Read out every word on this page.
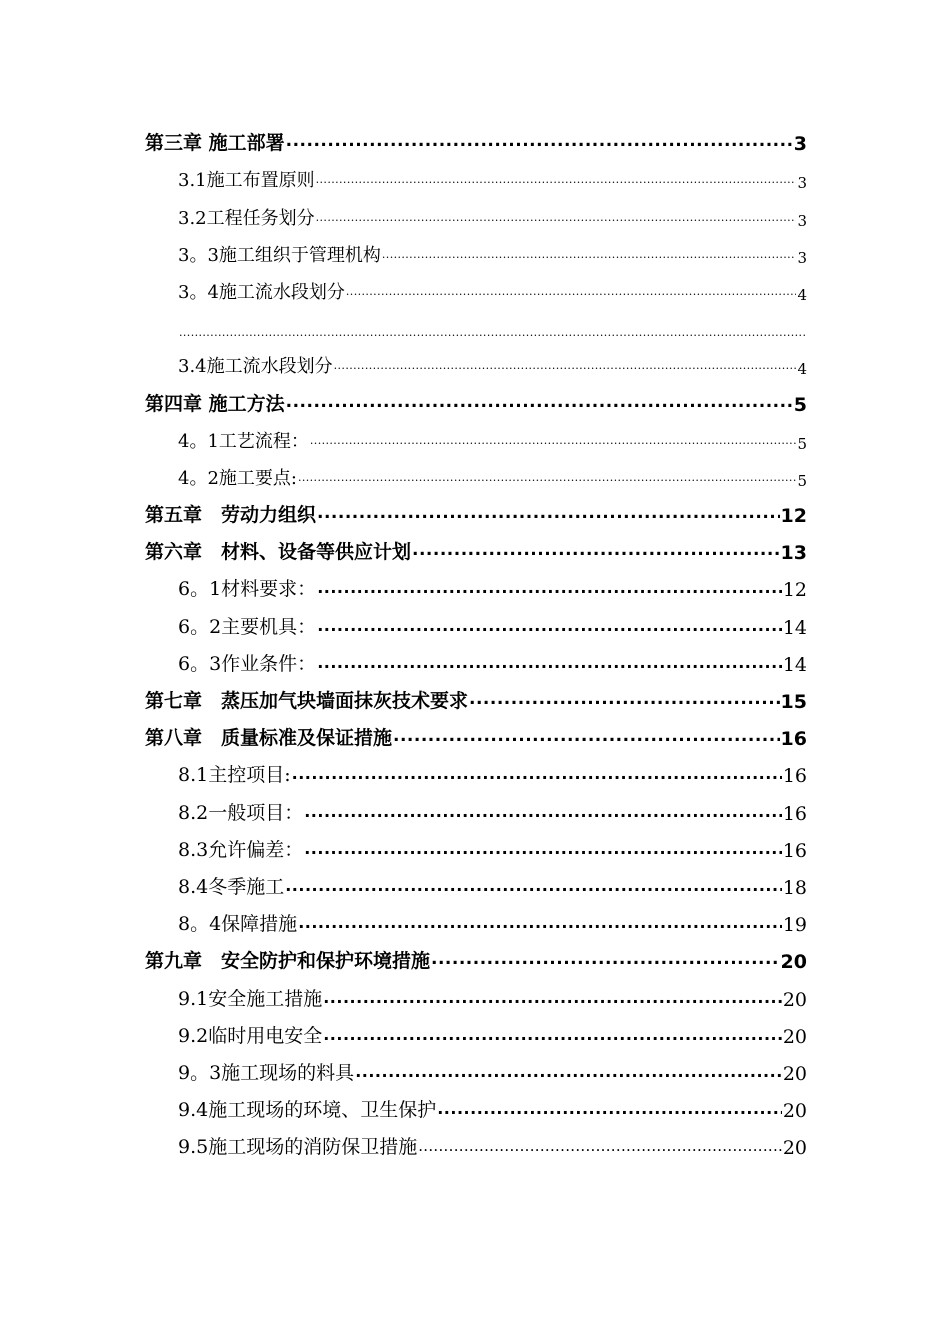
第三章 施工部署 .....	3
3.1施工布置原则 .....	3
3.2工程任务划分 .....	3
3。3施工组织于管理机构 .....	3
3。4施工流水段划分 .....	4
.....
3.4施工流水段划分 .....	4
第四章 施工方法 .....	5
4。1工艺流程： .....	5
4。2施工要点: .....	5
第五章　劳动力组织 .....	12
第六章　材料、设备等供应计划 .....	13
6。1材料要求： .....	12
6。2主要机具： .....	14
6。3作业条件： .....	14
第七章　蒸压加气块墙面抹灰技术要求 .....	15
第八章　质量标准及保证措施 .....	16
8.1主控项目: .....	16
8.2一般项目： .....	16
8.3允许偏差： .....	16
8.4冬季施工 .....	18
8。4保障措施 .....	19
第九章　安全防护和保护环境措施 .....	20
9.1安全施工措施 .....	20
9.2临时用电安全 .....	20
9。3施工现场的料具 .....	20
9.4施工现场的环境、卫生保护 .....	20
9.5施工现场的消防保卫措施 .....	20
